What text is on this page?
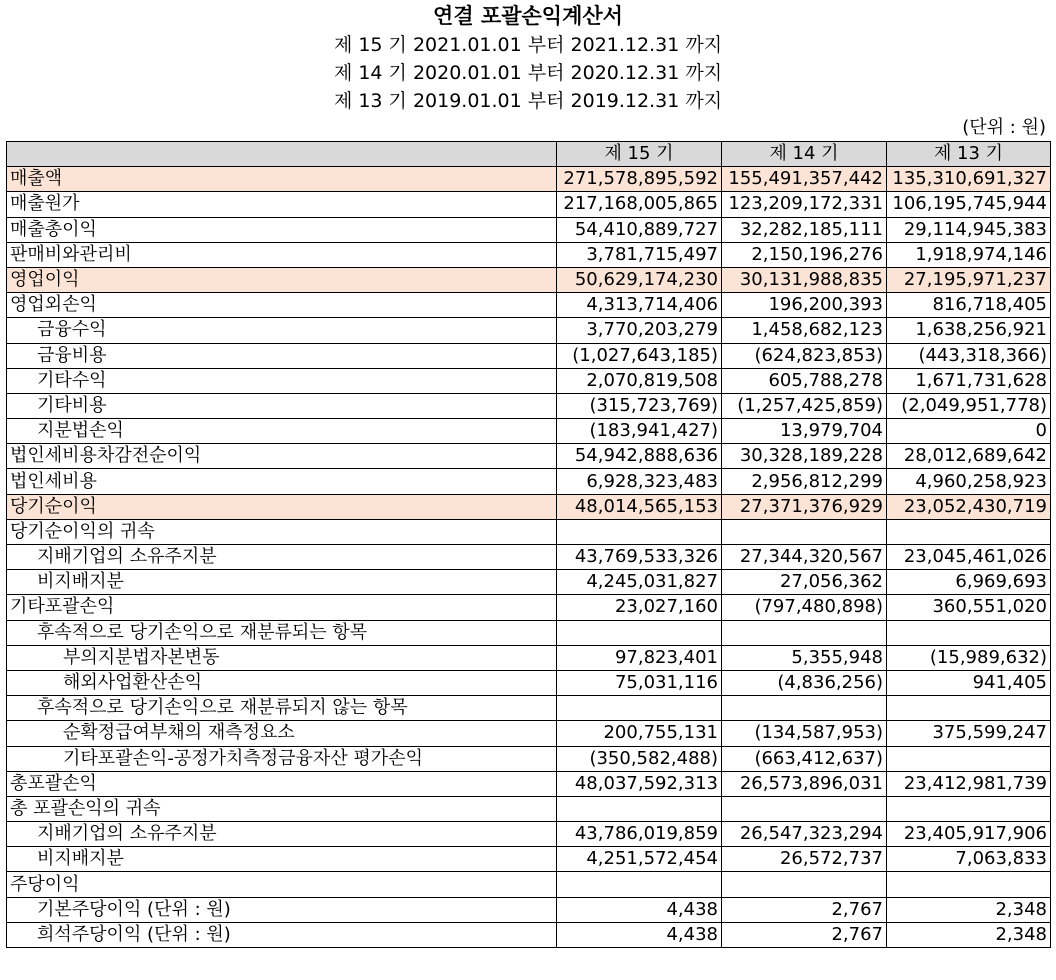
연결 포괄손익계산서
제 15 기 2021.01.01 부터 2021.12.31 까지
제 14 기 2020.01.01 부터 2020.12.31 까지
제 13 기 2019.01.01 부터 2019.12.31 까지
(단위 : 원)
	제 15 기	제 14 기	제 13 기
매출액	271,578,895,592	155,491,357,442	135,310,691,327
매출원가	217,168,005,865	123,209,172,331	106,195,745,944
매출총이익	54,410,889,727	32,282,185,111	29,114,945,383
판매비와관리비	3,781,715,497	2,150,196,276	1,918,974,146
영업이익	50,629,174,230	30,131,988,835	27,195,971,237
영업외손익	4,313,714,406	196,200,393	816,718,405
금융수익	3,770,203,279	1,458,682,123	1,638,256,921
금융비용	(1,027,643,185)	(624,823,853)	(443,318,366)
기타수익	2,070,819,508	605,788,278	1,671,731,628
기타비용	(315,723,769)	(1,257,425,859)	(2,049,951,778)
지분법손익	(183,941,427)	13,979,704	0
법인세비용차감전순이익	54,942,888,636	30,328,189,228	28,012,689,642
법인세비용	6,928,323,483	2,956,812,299	4,960,258,923
당기순이익	48,014,565,153	27,371,376,929	23,052,430,719
당기순이익의 귀속			
지배기업의 소유주지분	43,769,533,326	27,344,320,567	23,045,461,026
비지배지분	4,245,031,827	27,056,362	6,969,693
기타포괄손익	23,027,160	(797,480,898)	360,551,020
후속적으로 당기손익으로 재분류되는 항목			
부의지분법자본변동	97,823,401	5,355,948	(15,989,632)
해외사업환산손익	75,031,116	(4,836,256)	941,405
후속적으로 당기손익으로 재분류되지 않는 항목			
순확정급여부채의 재측정요소	200,755,131	(134,587,953)	375,599,247
기타포괄손익-공정가치측정금융자산 평가손익	(350,582,488)	(663,412,637)	
총포괄손익	48,037,592,313	26,573,896,031	23,412,981,739
총 포괄손익의 귀속			
지배기업의 소유주지분	43,786,019,859	26,547,323,294	23,405,917,906
비지배지분	4,251,572,454	26,572,737	7,063,833
주당이익			
기본주당이익 (단위 : 원)	4,438	2,767	2,348
희석주당이익 (단위 : 원)	4,438	2,767	2,348
